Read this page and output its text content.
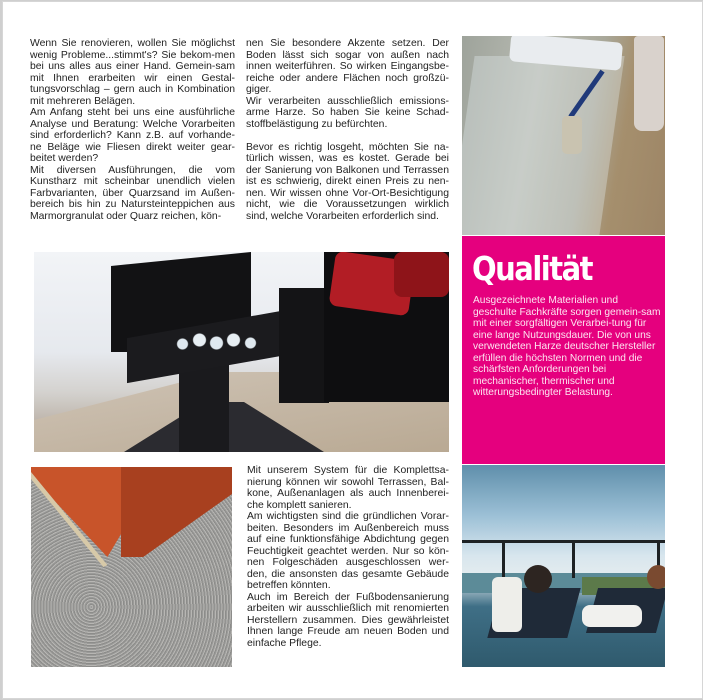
Wenn Sie renovieren, wollen Sie möglichst wenig Probleme...stimmt's? Sie bekom-men bei uns alles aus einer Hand. Gemein-sam mit Ihnen erarbeiten wir einen Gestal-tungsvorschlag – gern auch in Kombination mit mehreren Belägen.

Am Anfang steht bei uns eine ausführliche Analyse und Beratung: Welche Vorarbeiten sind erforderlich? Kann z.B. auf vorhande-ne Beläge wie Fliesen direkt weiter gear-beitet werden?

Mit diversen Ausführungen, die vom Kunstharz mit scheinbar unendlich vielen Farbvarianten, über Quarzsand im Außen-bereich bis hin zu Natursteinteppichen aus Marmorgranulat oder Quarz reichen, kön-

nen Sie besondere Akzente setzen. Der Boden lässt sich sogar von außen nach innen weiterführen. So wirken Eingangsbe-reiche oder andere Flächen noch großzü-giger.

Wir verarbeiten ausschließlich emissions-arme Harze. So haben Sie keine Schad-stoffbelästigung zu befürchten.

Bevor es richtig losgeht, möchten Sie na-türlich wissen, was es kostet. Gerade bei der Sanierung von Balkonen und Terrassen ist es schwierig, direkt einen Preis zu nen-nen. Wir wissen ohne Vor-Ort-Besichtigung nicht, wie die Voraussetzungen wirklich sind, welche Vorarbeiten erforderlich sind.

Qualität
Ausgezeichnete Materialien und geschulte Fachkräfte sorgen gemein-sam mit einer sorgfältigen Verarbei-tung für eine lange Nutzungsdauer. Die von uns verwendeten Harze deutscher Hersteller erfüllen die höchsten Normen und die schärfsten Anforderungen bei mechanischer, thermischer und witterungsbedingter Belastung.

Mit unserem System für die Komplettsa-nierung können wir sowohl Terrassen, Bal-kone, Außenanlagen als auch Innenberei-che komplett sanieren.

Am wichtigsten sind die gründlichen Vorar-beiten. Besonders im Außenbereich muss auf eine funktionsfähige Abdichtung gegen Feuchtigkeit geachtet werden. Nur so kön-nen Folgeschäden ausgeschlossen wer-den, die ansonsten das gesamte Gebäude betreffen könnten.

Auch im Bereich der Fußbodensanierung arbeiten wir ausschließlich mit renomierten Herstellern zusammen. Dies gewährleistet Ihnen lange Freude am neuen Boden und einfache Pflege.
